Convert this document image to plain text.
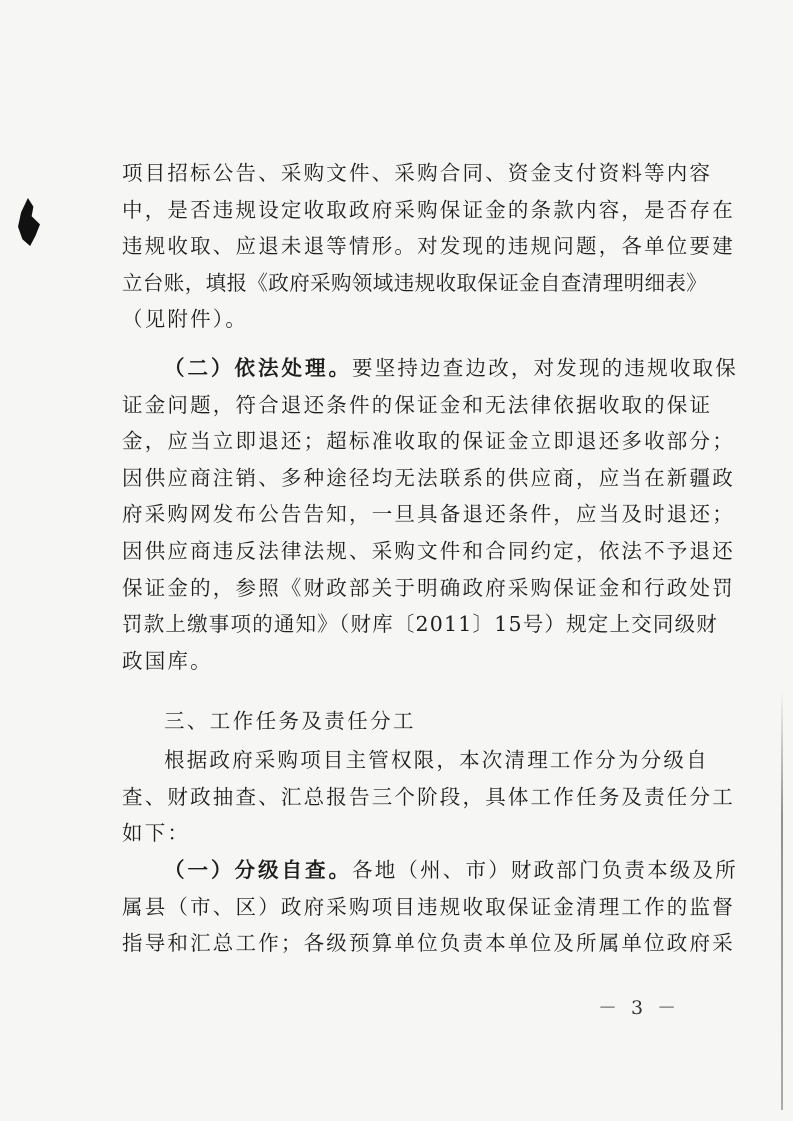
项目招标公告、采购文件、采购合同、资金支付资料等内容
中，是否违规设定收取政府采购保证金的条款内容，是否存在
违规收取、应退未退等情形。对发现的违规问题，各单位要建
立台账，填报《政府采购领域违规收取保证金自查清理明细表》
（见附件）。

（二）依法处理。要坚持边查边改，对发现的违规收取保
证金问题，符合退还条件的保证金和无法律依据收取的保证
金，应当立即退还；超标准收取的保证金立即退还多收部分；
因供应商注销、多种途径均无法联系的供应商，应当在新疆政
府采购网发布公告告知，一旦具备退还条件，应当及时退还；
因供应商违反法律法规、采购文件和合同约定，依法不予退还
保证金的，参照《财政部关于明确政府采购保证金和行政处罚
罚款上缴事项的通知》（财库〔2011〕15号）规定上交同级财
政国库。

三、工作任务及责任分工

根据政府采购项目主管权限，本次清理工作分为分级自
查、财政抽查、汇总报告三个阶段，具体工作任务及责任分工
如下：

（一）分级自查。各地（州、市）财政部门负责本级及所
属县（市、区）政府采购项目违规收取保证金清理工作的监督
指导和汇总工作；各级预算单位负责本单位及所属单位政府采

－ 3 －
